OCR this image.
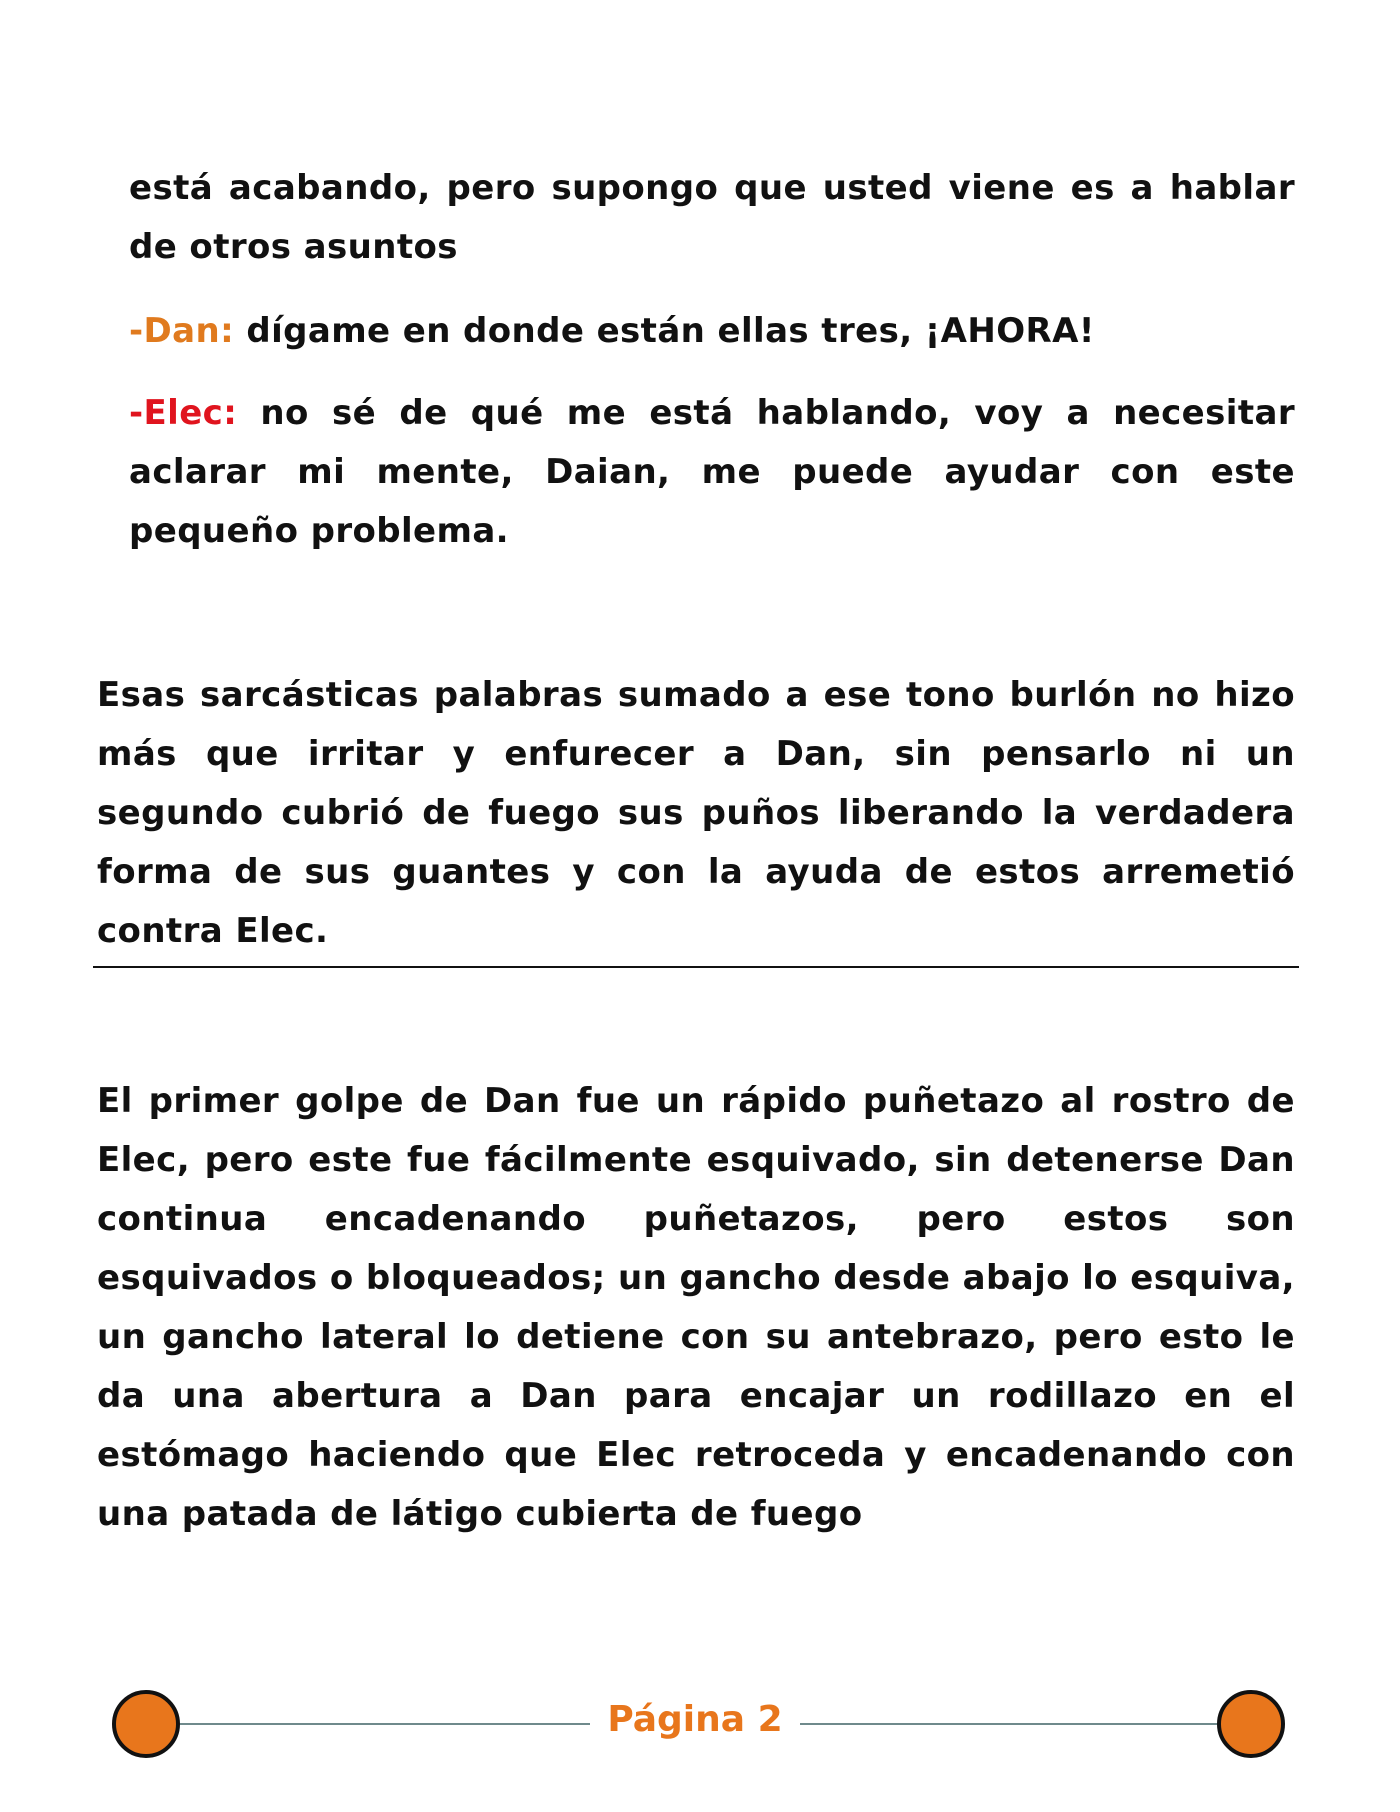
está acabando, pero supongo que usted viene es a hablar de otros asuntos

-Dan: dígame en donde están ellas tres, ¡AHORA!

-Elec: no sé de qué me está hablando, voy a necesitar aclarar mi mente, Daian, me puede ayudar con este pequeño problema.

Esas sarcásticas palabras sumado a ese tono burlón no hizo más que irritar y enfurecer a Dan, sin pensarlo ni un segundo cubrió de fuego sus puños liberando la verdadera forma de sus guantes y con la ayuda de estos arremetió contra Elec.

El primer golpe de Dan fue un rápido puñetazo al rostro de Elec, pero este fue fácilmente esquivado, sin detenerse Dan continua encadenando puñetazos, pero estos son esquivados o bloqueados; un gancho desde abajo lo esquiva, un gancho lateral lo detiene con su antebrazo, pero esto le da una abertura a Dan para encajar un rodillazo en el estómago haciendo que Elec retroceda y encadenando con una patada de látigo cubierta de fuego

Página 2
